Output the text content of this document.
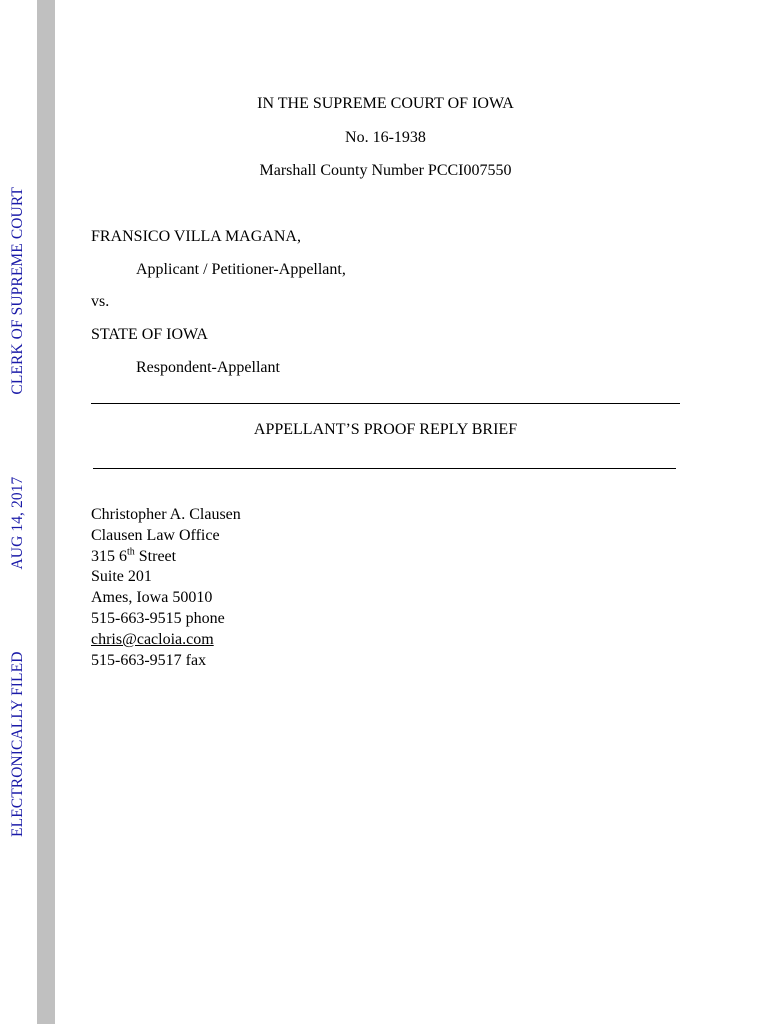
ELECTRONICALLY FILEDAUG 14, 2017CLERK OF SUPREME COURT
IN THE SUPREME COURT OF IOWA
No. 16-1938
Marshall County Number PCCI007550
FRANSICO VILLA MAGANA,
Applicant / Petitioner-Appellant,
vs.
STATE OF IOWA
Respondent-Appellant
APPELLANT’S PROOF REPLY BRIEF
Christopher A. Clausen
Clausen Law Office
315 6th Street
Suite 201
Ames, Iowa 50010
515-663-9515 phone
chris@cacloia.com
515-663-9517 fax
